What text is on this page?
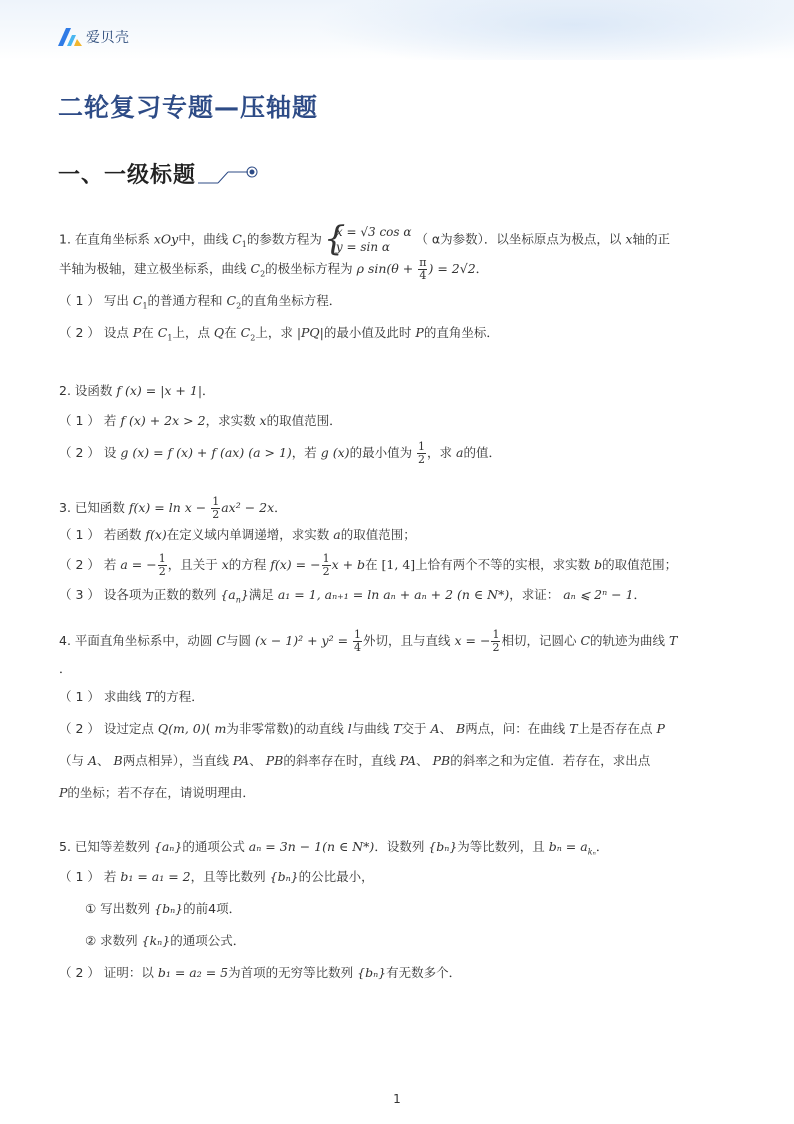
爱贝壳
二轮复习专题—压轴题
一、一级标题
1. 在直角坐标系 xOy中，曲线 $C_1$的参数方程为
{ x = √3 cos α
y = sin α
（ α为参数）．以坐标原点为极点，以 x轴的正
半轴为极轴，建立极坐标系，曲线 $C_2$的极坐标方程为 ρ $\sin(\theta + \frac{\pi}{4}$ ) = 2√2．
（ 1 ） 写出 $C_1$的普通方程和 $C_2$的直角坐标方程．
（ 2 ） 设点 P在 $C_1$上，点 Q在 $C_2$上，求 |PQ|的最小值及此时 P的直角坐标．
2. 设函数 f (x) = |x + 1|．
（ 1 ） 若 f (x) + 2x > 2，求实数 x的取值范围．
（ 2 ） 设 g (x) = f (x) + f (ax) (a > 1)，若 g (x)的最小值为 $\frac{1}{2}$ ，求 a的值．
3. 已知函数 $f(x) = \ln x - \frac{1}{2} ax^2 - 2x$．
（ 1 ） 若函数 f(x)在定义域内单调递增，求实数 a的取值范围；
（ 2 ） 若 a = − $\frac{1}{2}$ ，且关于 x的方程 f(x) = − $\frac{1}{2}$ x + b在 [1, 4]上恰有两个不等的实根，求实数 b的取值范围；
（ 3 ） 设各项为正数的数列 $\{a_n\}$满足 a₁ = 1, aₙ₊₁ = ln aₙ + aₙ + 2 (n ∈ N*)，求证： aₙ ⩽ 2ⁿ − 1．
4. 平面直角坐标系中，动圆 C与圆 $(x - 1)^2 + y^2 = \frac{1}{4}$ 外切，且与直线 x = − $\frac{1}{2}$ 相切，记圆心 C的轨迹为曲线 T
．
（ 1 ） 求曲线 T的方程．
（ 2 ） 设过定点 Q(m, 0)( m为非零常数)的动直线 l与曲线 T交于 A、 B两点，问：在曲线 T上是否存在点 P
（与 A、 B两点相异），当直线 PA、 PB的斜率存在时，直线 PA、 PB的斜率之和为定值．若存在，求出点
P的坐标；若不存在，请说明理由．
5. 已知等差数列 {aₙ}的通项公式 aₙ = 3n − 1(n ∈ N*)．设数列 {bₙ}为等比数列，且 $b_n = a_{k_n}$．
（ 1 ） 若 b₁ = a₁ = 2，且等比数列 {bₙ}的公比最小，
① 写出数列 {bₙ}的前4项．
② 求数列 {kₙ}的通项公式．
（ 2 ） 证明：以 b₁ = a₂ = 5为首项的无穷等比数列 {bₙ}有无数多个．
1
